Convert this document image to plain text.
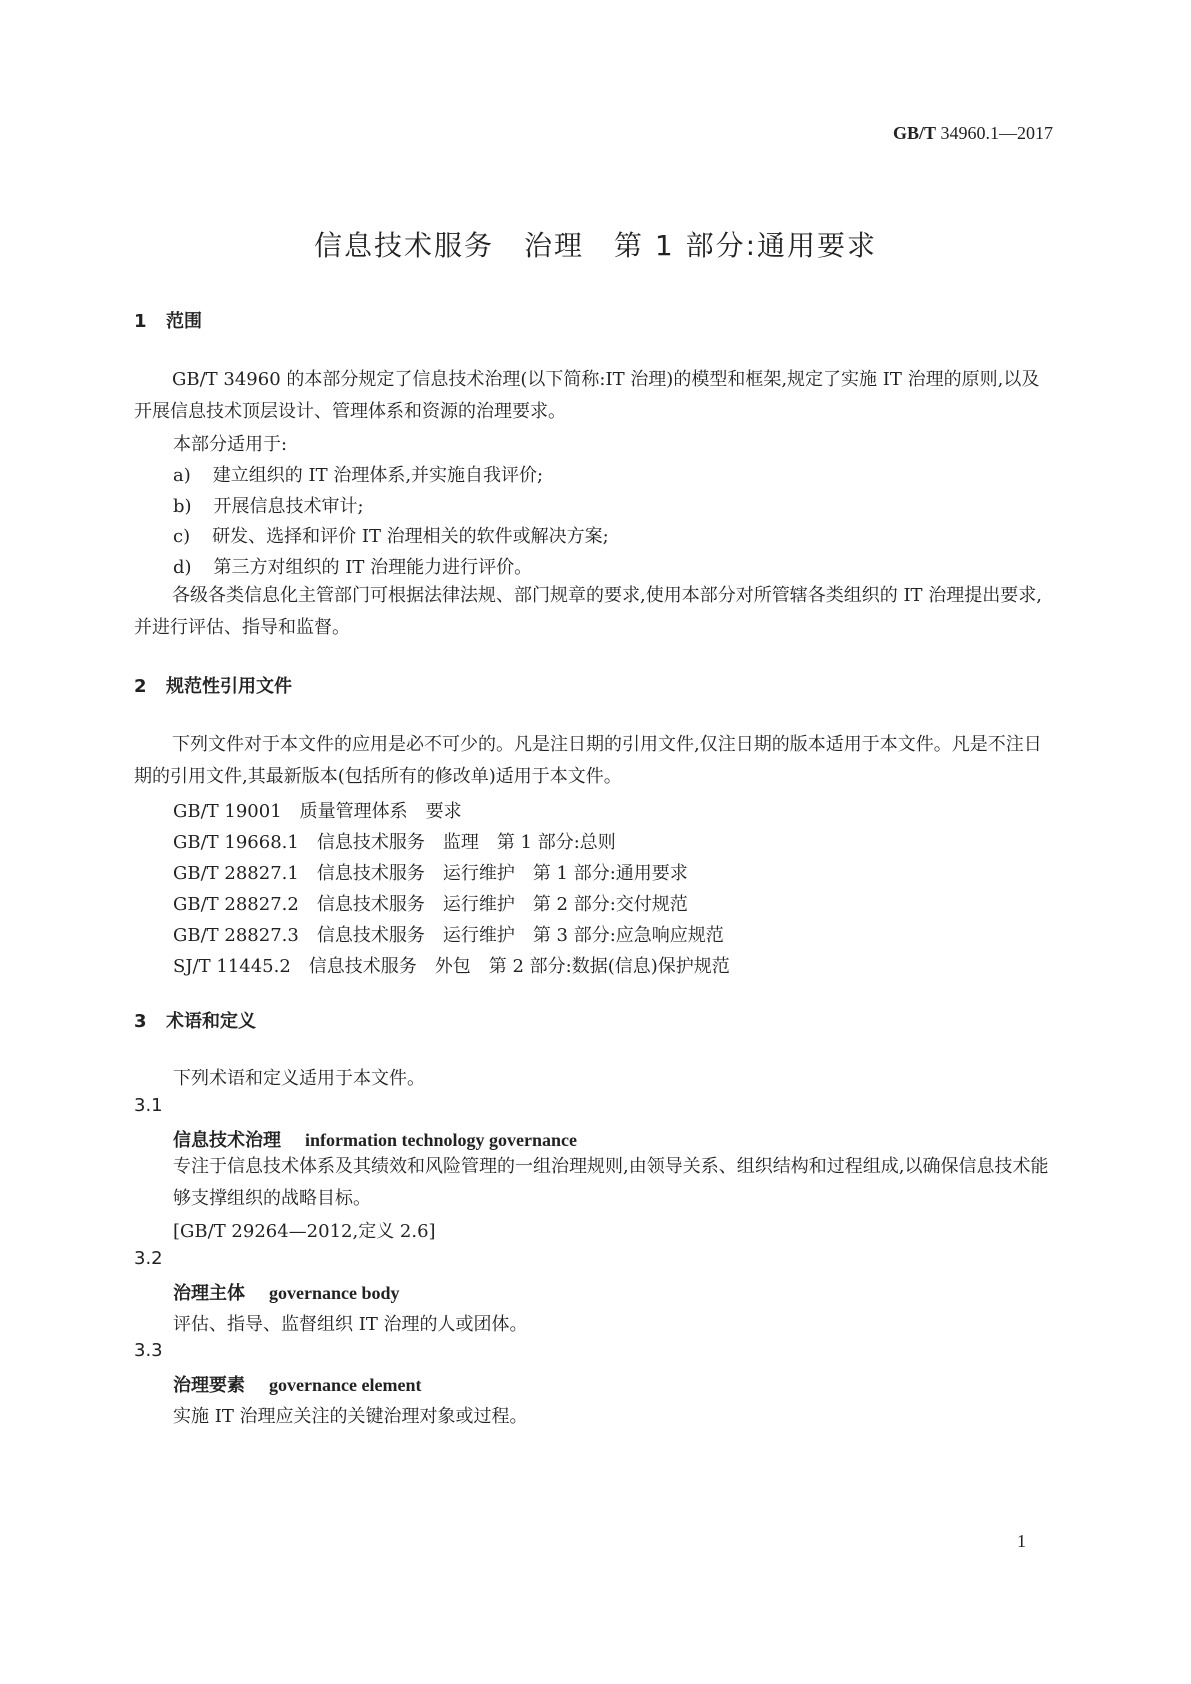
GB/T 34960.1—2017
信息技术服务　治理　第 1 部分:通用要求
1 范围
GB/T 34960 的本部分规定了信息技术治理(以下简称:IT 治理)的模型和框架,规定了实施 IT 治理的原则,以及开展信息技术顶层设计、管理体系和资源的治理要求。
本部分适用于:
a) 建立组织的 IT 治理体系,并实施自我评价;
b) 开展信息技术审计;
c) 研发、选择和评价 IT 治理相关的软件或解决方案;
d) 第三方对组织的 IT 治理能力进行评价。
各级各类信息化主管部门可根据法律法规、部门规章的要求,使用本部分对所管辖各类组织的 IT 治理提出要求,并进行评估、指导和监督。
2 规范性引用文件
下列文件对于本文件的应用是必不可少的。凡是注日期的引用文件,仅注日期的版本适用于本文件。凡是不注日期的引用文件,其最新版本(包括所有的修改单)适用于本文件。
GB/T 19001　质量管理体系　要求
GB/T 19668.1　信息技术服务　监理　第 1 部分:总则
GB/T 28827.1　信息技术服务　运行维护　第 1 部分:通用要求
GB/T 28827.2　信息技术服务　运行维护　第 2 部分:交付规范
GB/T 28827.3　信息技术服务　运行维护　第 3 部分:应急响应规范
SJ/T 11445.2　信息技术服务　外包　第 2 部分:数据(信息)保护规范
3 术语和定义
下列术语和定义适用于本文件。
3.1
信息技术治理 information technology governance
专注于信息技术体系及其绩效和风险管理的一组治理规则,由领导关系、组织结构和过程组成,以确保信息技术能够支撑组织的战略目标。
[GB/T 29264—2012,定义 2.6]
3.2
治理主体 governance body
评估、指导、监督组织 IT 治理的人或团体。
3.3
治理要素 governance element
实施 IT 治理应关注的关键治理对象或过程。
1
